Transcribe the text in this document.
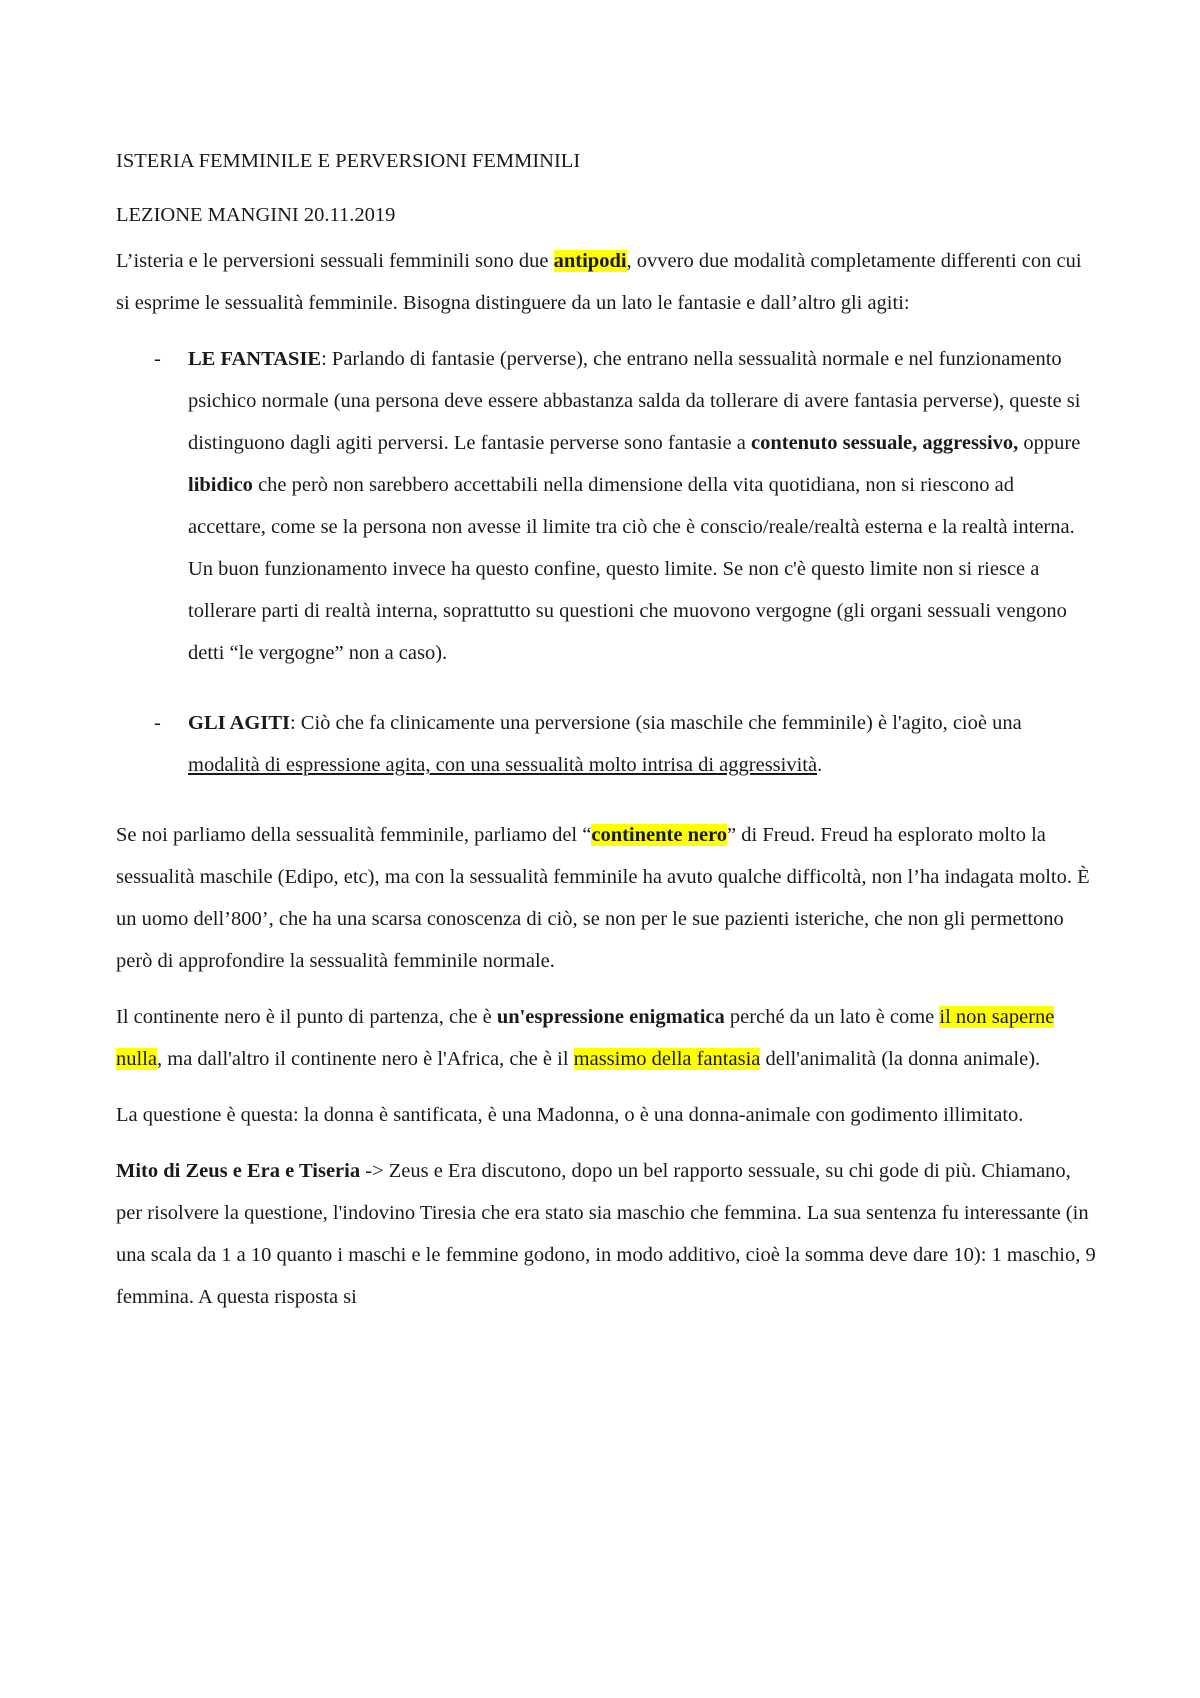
ISTERIA FEMMINILE E PERVERSIONI FEMMINILI

LEZIONE MANGINI 20.11.2019

L’isteria e le perversioni sessuali femminili sono due antipodi, ovvero due modalità completamente differenti con cui si esprime le sessualità femminile. Bisogna distinguere da un lato le fantasie e dall’altro gli agiti:

-	LE FANTASIE: Parlando di fantasie (perverse), che entrano nella sessualità normale e nel funzionamento psichico normale (una persona deve essere abbastanza salda da tollerare di avere fantasia perverse), queste si distinguono dagli agiti perversi. Le fantasie perverse sono fantasie a contenuto sessuale, aggressivo, oppure libidico che però non sarebbero accettabili nella dimensione della vita quotidiana, non si riescono ad accettare, come se la persona non avesse il limite tra ciò che è conscio/reale/realtà esterna e la realtà interna. Un buon funzionamento invece ha questo confine, questo limite. Se non c'è questo limite non si riesce a tollerare parti di realtà interna, soprattutto su questioni che muovono vergogne (gli organi sessuali vengono detti “le vergogne” non a caso).
-	GLI AGITI: Ciò che fa clinicamente una perversione (sia maschile che femminile) è l'agito, cioè una modalità di espressione agita, con una sessualità molto intrisa di aggressività.

Se noi parliamo della sessualità femminile, parliamo del “continente nero” di Freud. Freud ha esplorato molto la sessualità maschile (Edipo, etc), ma con la sessualità femminile ha avuto qualche difficoltà, non l’ha indagata molto. È un uomo dell’800’, che ha una scarsa conoscenza di ciò, se non per le sue pazienti isteriche, che non gli permettono però di approfondire la sessualità femminile normale.

Il continente nero è il punto di partenza, che è un'espressione enigmatica perché da un lato è come il non saperne nulla, ma dall'altro il continente nero è l'Africa, che è il massimo della fantasia dell'animalità (la donna animale).

La questione è questa: la donna è santificata, è una Madonna, o è una donna-animale con godimento illimitato.

Mito di Zeus e Era e Tiseria -> Zeus e Era discutono, dopo un bel rapporto sessuale, su chi gode di più. Chiamano, per risolvere la questione, l'indovino Tiresia che era stato sia maschio che femmina. La sua sentenza fu interessante (in una scala da 1 a 10 quanto i maschi e le femmine godono, in modo additivo, cioè la somma deve dare 10): 1 maschio, 9 femmina. A questa risposta si
